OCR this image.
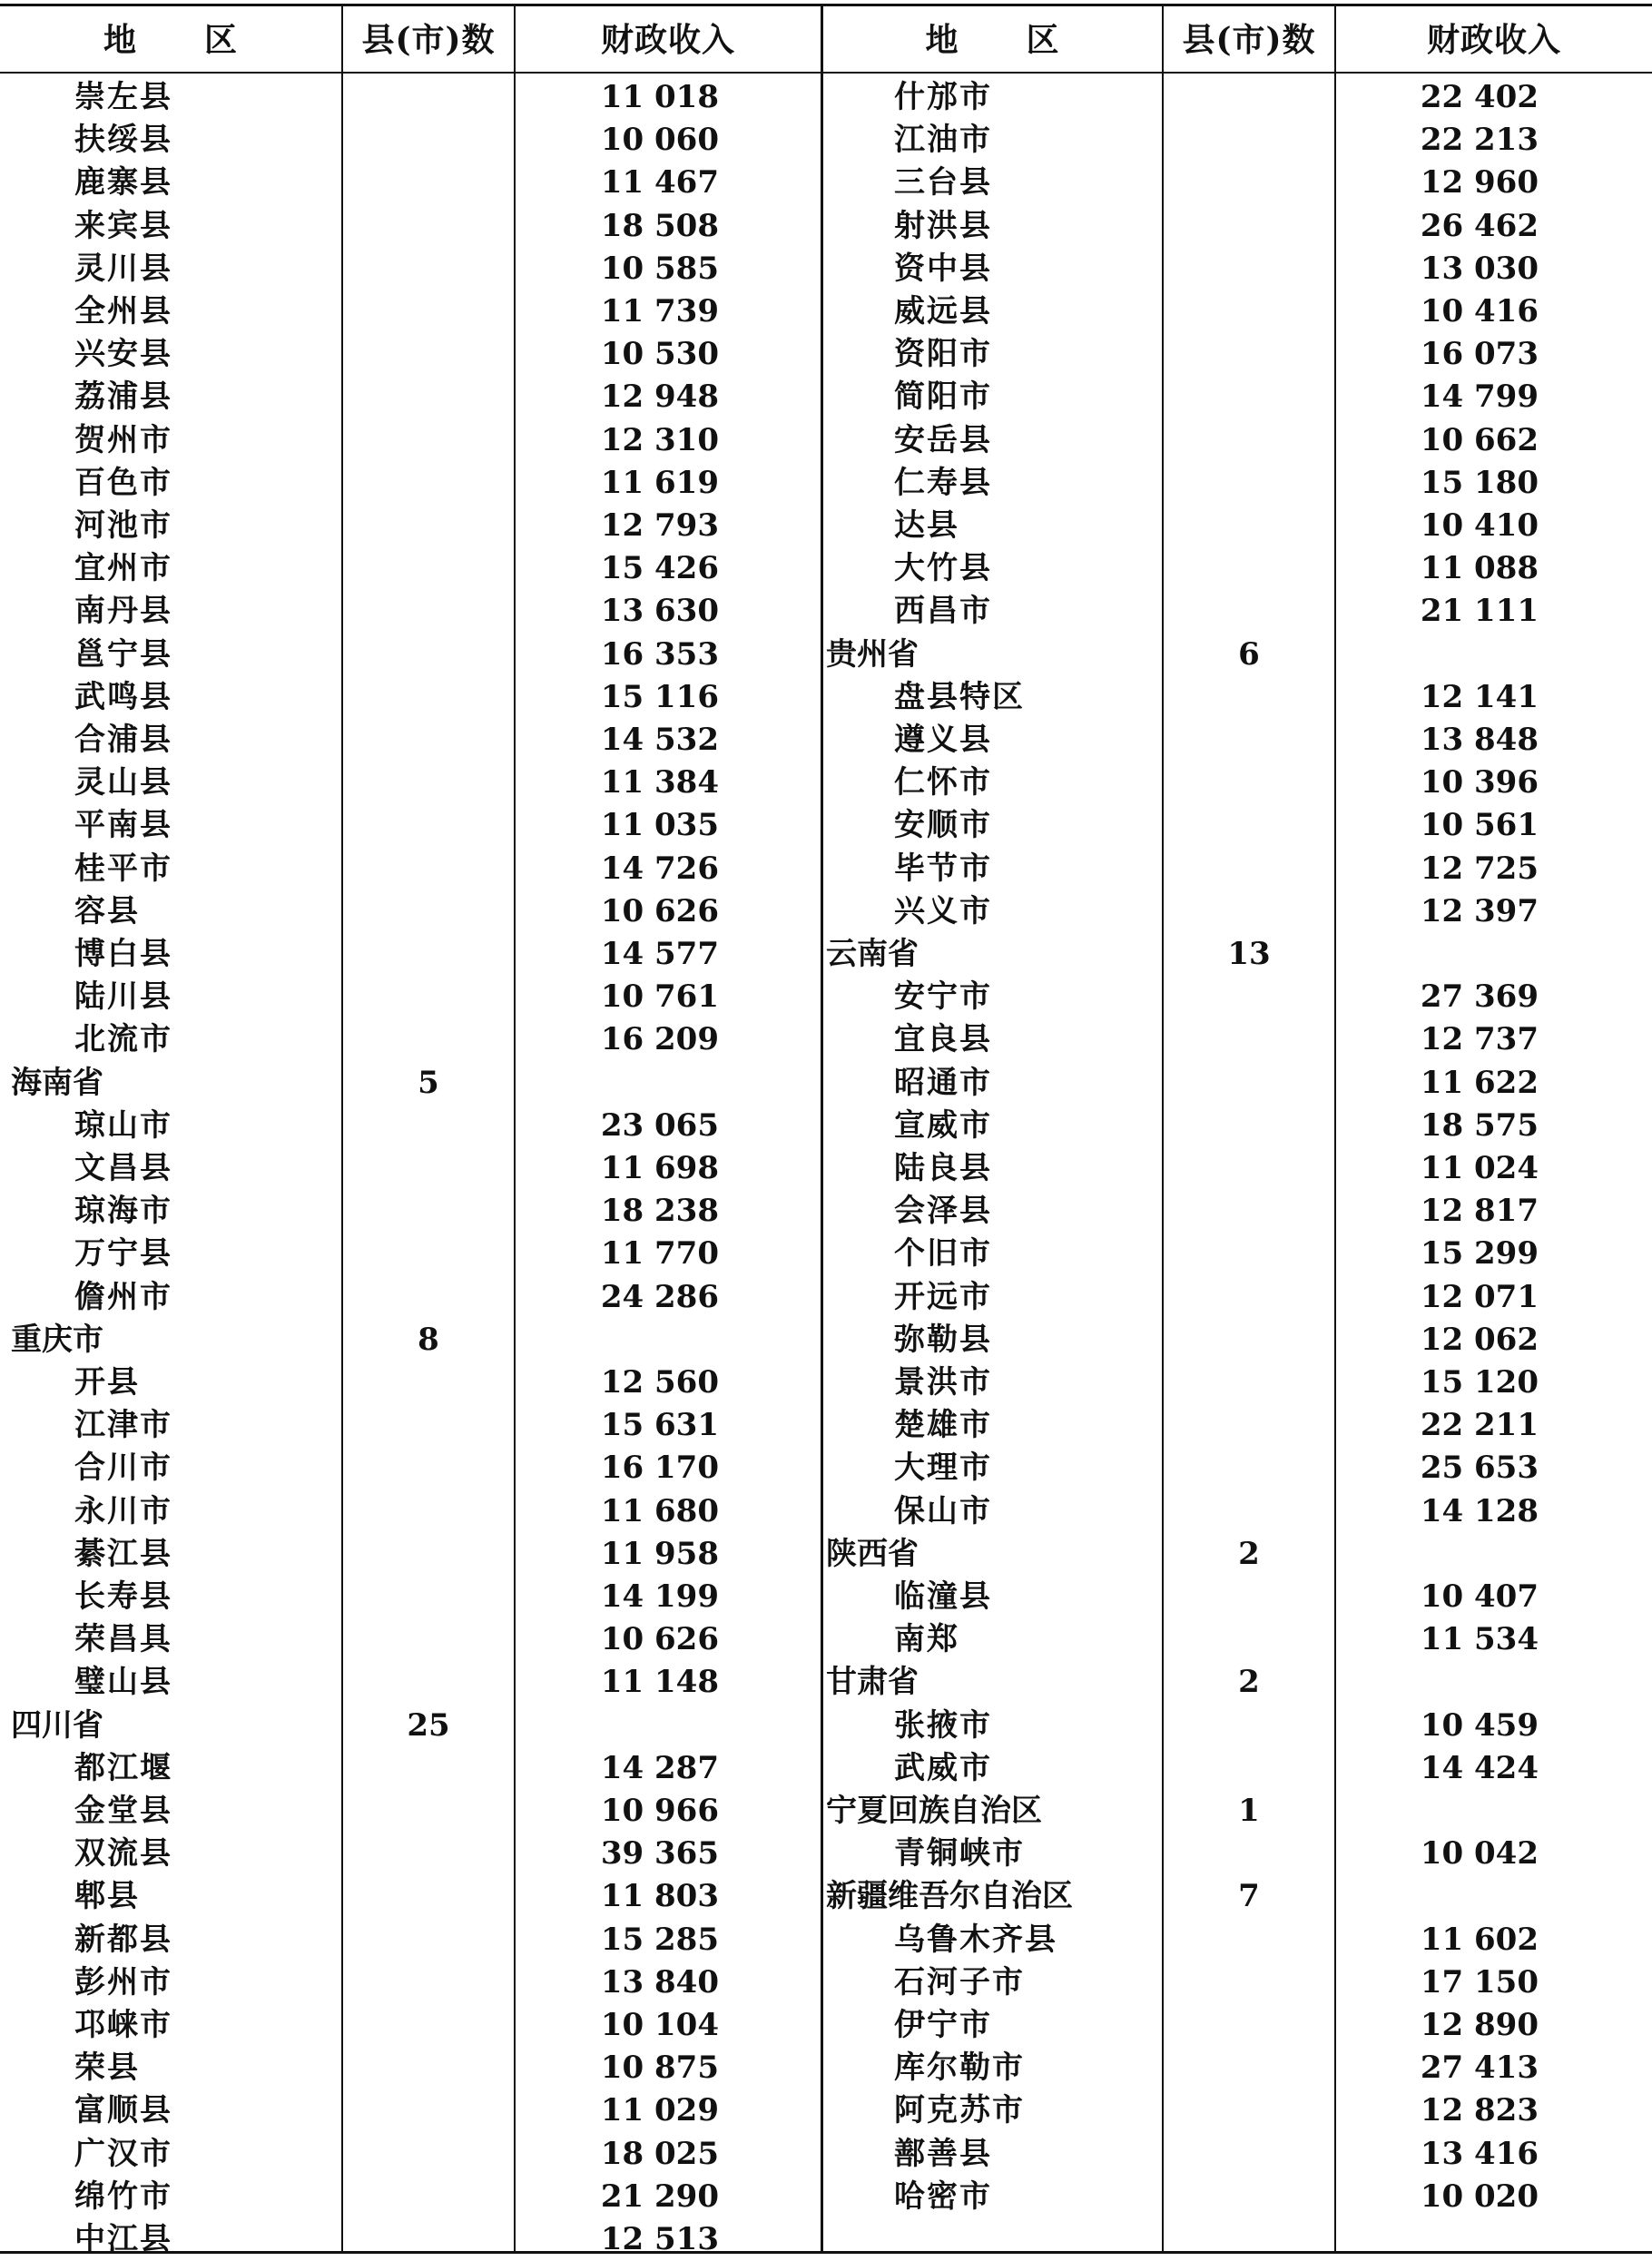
地　　区	县(市)数	财政收入	地　　区	县(市)数	财政收入
崇左县	11 018
扶绥县	10 060
鹿寨县	11 467
来宾县	18 508
灵川县	10 585
全州县	11 739
兴安县	10 530
荔浦县	12 948
贺州市	12 310
百色市	11 619
河池市	12 793
宜州市	15 426
南丹县	13 630
邕宁县	16 353
武鸣县	15 116
合浦县	14 532
灵山县	11 384
平南县	11 035
桂平市	14 726
容县	10 626
博白县	14 577
陆川县	10 761
北流市	16 209
海南省	5
琼山市	23 065
文昌县	11 698
琼海市	18 238
万宁县	11 770
儋州市	24 286
重庆市	8
开县	12 560
江津市	15 631
合川市	16 170
永川市	11 680
綦江县	11 958
长寿县	14 199
荣昌具	10 626
璧山县	11 148
四川省	25
都江堰	14 287
金堂县	10 966
双流县	39 365
郫县	11 803
新都县	15 285
彭州市	13 840
邛崃市	10 104
荣县	10 875
富顺县	11 029
广汉市	18 025
绵竹市	21 290
中江县	12 513
什邡市	22 402
江油市	22 213
三台县	12 960
射洪县	26 462
资中县	13 030
威远县	10 416
资阳市	16 073
简阳市	14 799
安岳县	10 662
仁寿县	15 180
达县	10 410
大竹县	11 088
西昌市	21 111
贵州省	6
盘县特区	12 141
遵义县	13 848
仁怀市	10 396
安顺市	10 561
毕节市	12 725
兴义市	12 397
云南省	13
安宁市	27 369
宜良县	12 737
昭通市	11 622
宣威市	18 575
陆良县	11 024
会泽县	12 817
个旧市	15 299
开远市	12 071
弥勒县	12 062
景洪市	15 120
楚雄市	22 211
大理市	25 653
保山市	14 128
陕西省	2
临潼县	10 407
南郑	11 534
甘肃省	2
张掖市	10 459
武威市	14 424
宁夏回族自治区	1
青铜峡市	10 042
新疆维吾尔自治区	7
乌鲁木齐县	11 602
石河子市	17 150
伊宁市	12 890
库尔勒市	27 413
阿克苏市	12 823
鄯善县	13 416
哈密市	10 020
